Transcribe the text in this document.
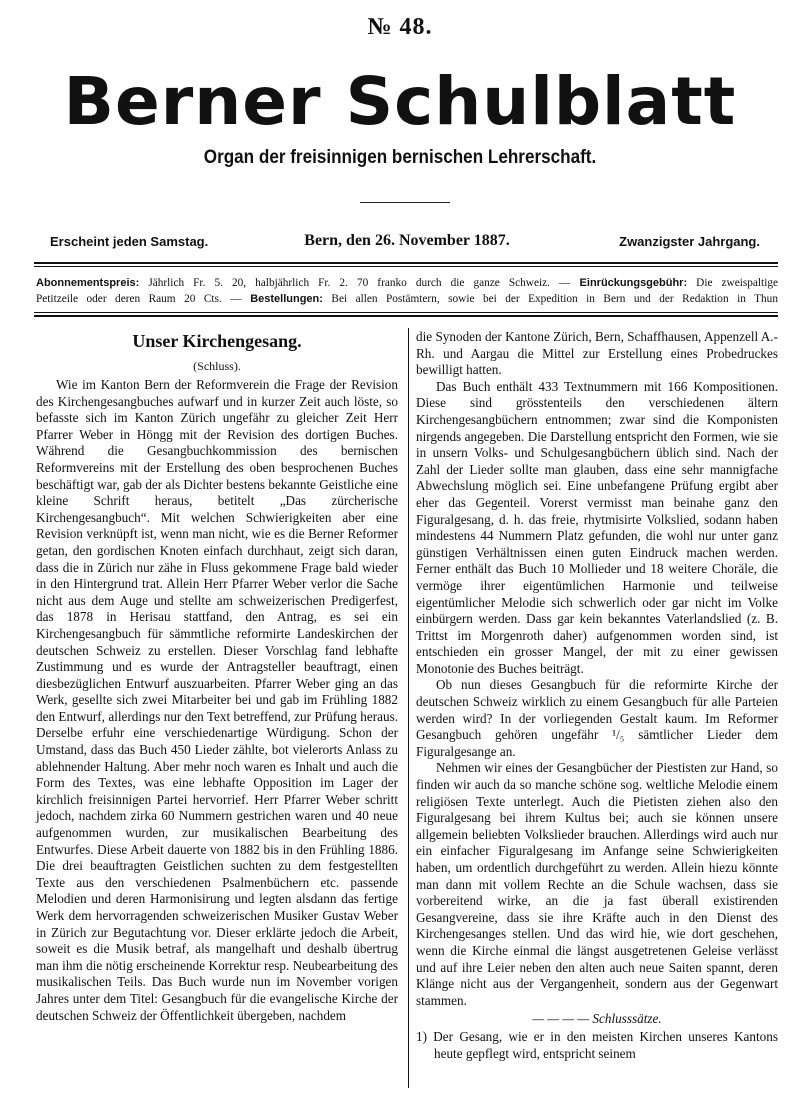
№ 48.
Berner Schulblatt
Organ der freisinnigen bernischen Lehrerschaft.
Erscheint jeden Samstag.	Bern, den 26. November 1887.	Zwanzigster Jahrgang.

Abonnementspreis: Jährlich Fr. 5. 20, halbjährlich Fr. 2. 70 franko durch die ganze Schweiz. — Einrückungsgebühr: Die zweispaltige

Petitzeile oder deren Raum 20 Cts. — Bestellungen: Bei allen Postämtern, sowie bei der Expedition in Bern und der Redaktion in Thun

Unser Kirchengesang.
(Schluss).

Wie im Kanton Bern der Reformverein die Frage der Revision des Kirchengesangbuches aufwarf und in kurzer Zeit auch löste, so befasste sich im Kanton Zürich ungefähr zu gleicher Zeit Herr Pfarrer Weber in Höngg mit der Revision des dortigen Buches. Während die Gesangbuchkommission des bernischen Reformvereins mit der Erstellung des oben besprochenen Buches beschäftigt war, gab der als Dichter bestens bekannte Geistliche eine kleine Schrift heraus, betitelt „Das zürcherische Kirchengesangbuch“. Mit welchen Schwierigkeiten aber eine Revision verknüpft ist, wenn man nicht, wie es die Berner Reformer getan, den gordischen Knoten einfach durchhaut, zeigt sich daran, dass die in Zürich nur zähe in Fluss gekommene Frage bald wieder in den Hintergrund trat. Allein Herr Pfarrer Weber verlor die Sache nicht aus dem Auge und stellte am schweizerischen Predigerfest, das 1878 in Herisau stattfand, den Antrag, es sei ein Kirchengesangbuch für sämmtliche reformirte Landeskirchen der deutschen Schweiz zu erstellen. Dieser Vorschlag fand lebhafte Zustimmung und es wurde der Antragsteller beauftragt, einen diesbezüglichen Entwurf auszuarbeiten. Pfarrer Weber ging an das Werk, gesellte sich zwei Mitarbeiter bei und gab im Frühling 1882 den Entwurf, allerdings nur den Text betreffend, zur Prüfung heraus. Derselbe erfuhr eine verschiedenartige Würdigung. Schon der Umstand, dass das Buch 450 Lieder zählte, bot vielerorts Anlass zu ablehnender Haltung. Aber mehr noch waren es Inhalt und auch die Form des Textes, was eine lebhafte Opposition im Lager der kirchlich freisinnigen Partei hervorrief. Herr Pfarrer Weber schritt jedoch, nachdem zirka 60 Nummern gestrichen waren und 40 neue aufgenommen wurden, zur musikalischen Bearbeitung des Entwurfes. Diese Arbeit dauerte von 1882 bis in den Frühling 1886. Die drei beauftragten Geistlichen suchten zu dem festgestellten Texte aus den verschiedenen Psalmenbüchern etc. passende Melodien und deren Harmonisirung und legten alsdann das fertige Werk dem hervorragenden schweizerischen Musiker Gustav Weber in Zürich zur Begutachtung vor. Dieser erklärte jedoch die Arbeit, soweit es die Musik betraf, als mangelhaft und deshalb übertrug man ihm die nötig erscheinende Korrektur resp. Neubearbeitung des musikalischen Teils. Das Buch wurde nun im November vorigen Jahres unter dem Titel: Gesangbuch für die evangelische Kirche der deutschen Schweiz der Öffentlichkeit übergeben, nachdem

die Synoden der Kantone Zürich, Bern, Schaffhausen, Appenzell A.-Rh. und Aargau die Mittel zur Erstellung eines Probedruckes bewilligt hatten.

Das Buch enthält 433 Textnummern mit 166 Kompositionen. Diese sind grösstenteils den verschiedenen ältern Kirchengesangbüchern entnommen; zwar sind die Komponisten nirgends angegeben. Die Darstellung entspricht den Formen, wie sie in unsern Volks- und Schulgesangbüchern üblich sind. Nach der Zahl der Lieder sollte man glauben, dass eine sehr mannigfache Abwechslung möglich sei. Eine unbefangene Prüfung ergibt aber eher das Gegenteil. Vorerst vermisst man beinahe ganz den Figuralgesang, d. h. das freie, rhytmisirte Volkslied, sodann haben mindestens 44 Nummern Platz gefunden, die wohl nur unter ganz günstigen Verhältnissen einen guten Eindruck machen werden. Ferner enthält das Buch 10 Mollieder und 18 weitere Choräle, die vermöge ihrer eigentümlichen Harmonie und teilweise eigentümlicher Melodie sich schwerlich oder gar nicht im Volke einbürgern werden. Dass gar kein bekanntes Vaterlandslied (z. B. Trittst im Morgenroth daher) aufgenommen worden sind, ist entschieden ein grosser Mangel, der mit zu einer gewissen Monotonie des Buches beiträgt.

Ob nun dieses Gesangbuch für die reformirte Kirche der deutschen Schweiz wirklich zu einem Gesangbuch für alle Parteien werden wird? In der vorliegenden Gestalt kaum. Im Reformer Gesangbuch gehören ungefähr ¹/₅ sämtlicher Lieder dem Figuralgesange an.

Nehmen wir eines der Gesangbücher der Piestisten zur Hand, so finden wir auch da so manche schöne sog. weltliche Melodie einem religiösen Texte unterlegt. Auch die Pietisten ziehen also den Figuralgesang bei ihrem Kultus bei; auch sie können unsere allgemein beliebten Volkslieder brauchen. Allerdings wird auch nur ein einfacher Figuralgesang im Anfange seine Schwierigkeiten haben, um ordentlich durchgeführt zu werden. Allein hiezu könnte man dann mit vollem Rechte an die Schule wachsen, dass sie vorbereitend wirke, an die ja fast überall existirenden Gesangvereine, dass sie ihre Kräfte auch in den Dienst des Kirchengesanges stellen. Und das wird hie, wie dort geschehen, wenn die Kirche einmal die längst ausgetretenen Geleise verlässt und auf ihre Leier neben den alten auch neue Saiten spannt, deren Klänge nicht aus der Vergangenheit, sondern aus der Gegenwart stammen.

— — — — Schlusssätze.

1) Der Gesang, wie er in den meisten Kirchen unseres Kantons heute gepflegt wird, entspricht seinem
